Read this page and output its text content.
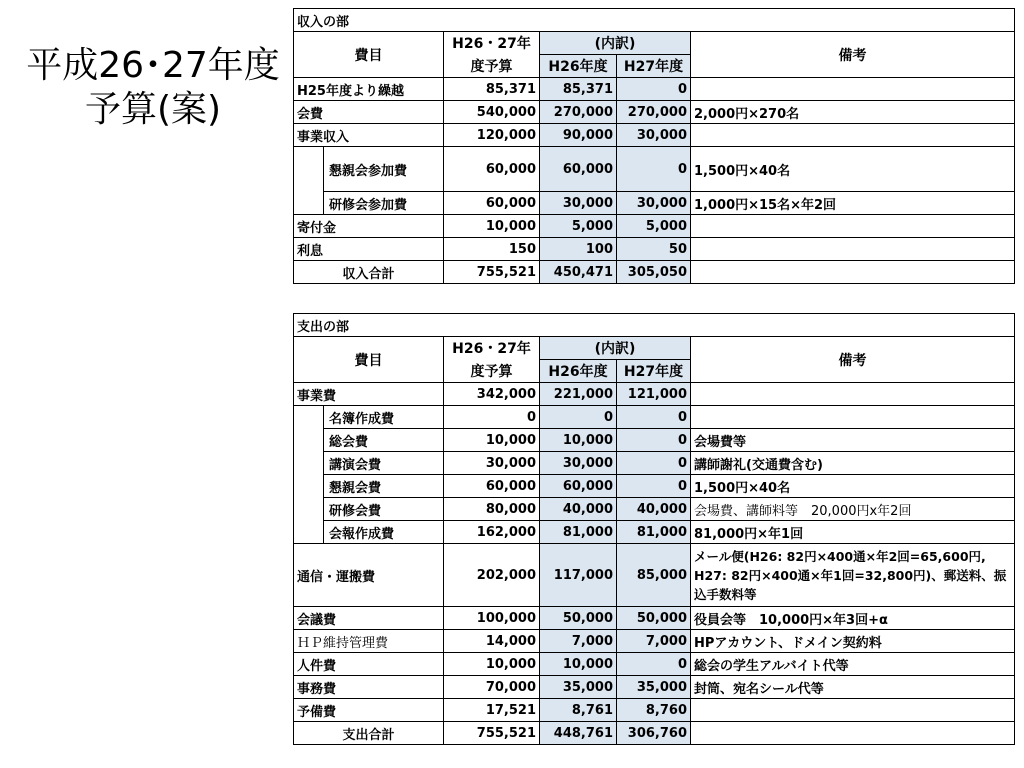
平成26･27年度
予算(案)
収入の部					
費目		H26・27年	(内訳)		備考
		度予算	H26年度	H27年度	
H25年度より繰越		85,371	85,371	0	
会費		540,000	270,000	270,000	2,000円×270名
事業収入		120,000	90,000	30,000	
	懇親会参加費	60,000	60,000	0	1,500円×40名
	研修会参加費	60,000	30,000	30,000	1,000円×15名×年2回
寄付金		10,000	5,000	5,000	
利息		150	100	50	
収入合計		755,521	450,471	305,050	
支出の部					
費目		H26・27年	(内訳)		備考
		度予算	H26年度	H27年度	
事業費		342,000	221,000	121,000	
	名簿作成費	0	0	0	
	総会費	10,000	10,000	0	会場費等
	講演会費	30,000	30,000	0	講師謝礼(交通費含む)
	懇親会費	60,000	60,000	0	1,500円×40名
	研修会費	80,000	40,000	40,000	会場費、講師料等　20,000円x年2回
	会報作成費	162,000	81,000	81,000	81,000円×年1回
通信・運搬費		202,000	117,000	85,000	メール便(H26: 82円×400通×年2回=65,600円, H27: 82円×400通×年1回=32,800円)、郵送料、振込手数料等
会議費		100,000	50,000	50,000	役員会等　10,000円×年3回+α
ＨＰ維持管理費		14,000	7,000	7,000	HPアカウント、ドメイン契約料
人件費		10,000	10,000	0	総会の学生アルバイト代等
事務費		70,000	35,000	35,000	封筒、宛名シール代等
予備費		17,521	8,761	8,760	
支出合計		755,521	448,761	306,760	
